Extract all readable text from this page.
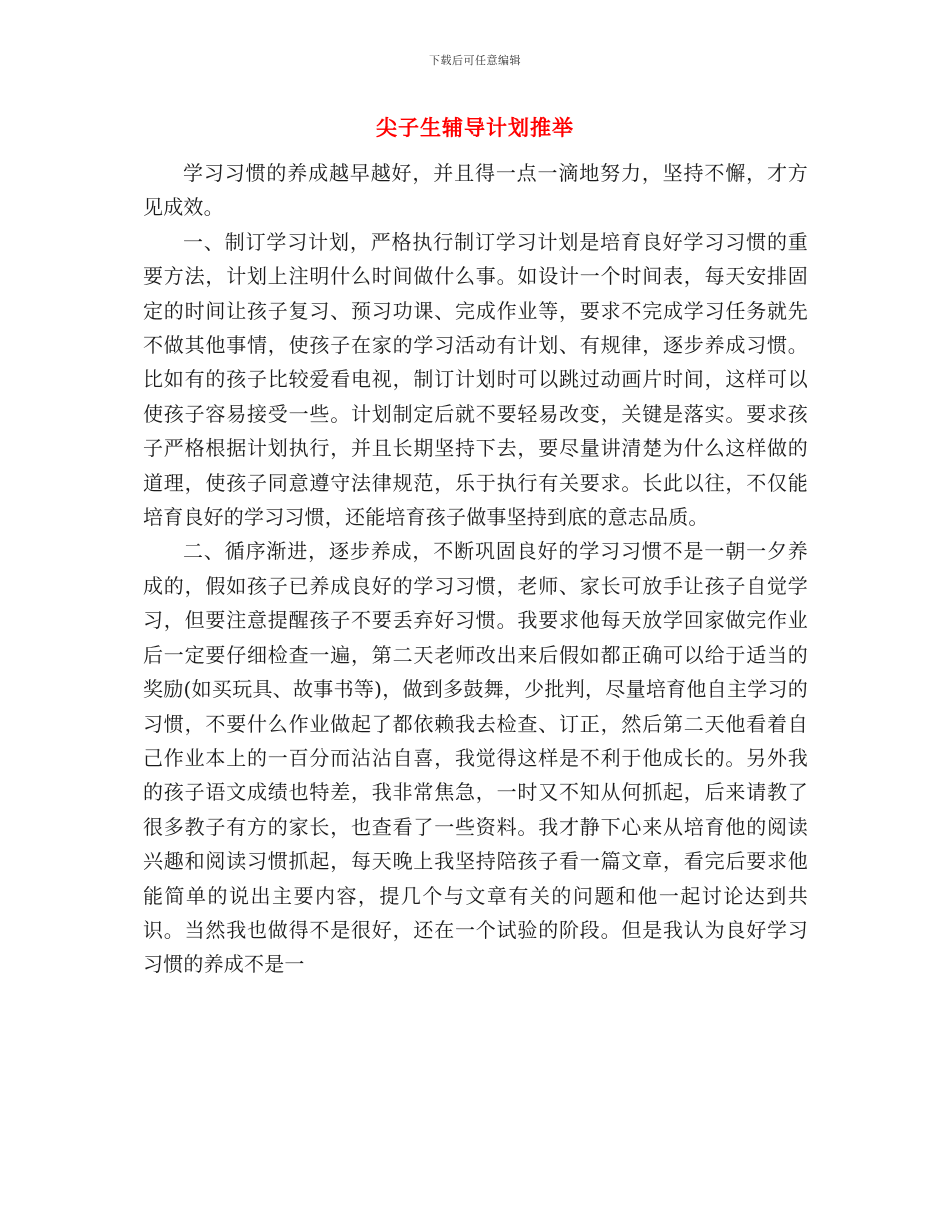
下载后可任意编辑
尖子生辅导计划推举

学习习惯的养成越早越好，并且得一点一滴地努力，坚持不懈，才方见成效。

一、制订学习计划，严格执行制订学习计划是培育良好学习习惯的重要方法，计划上注明什么时间做什么事。如设计一个时间表，每天安排固定的时间让孩子复习、预习功课、完成作业等，要求不完成学习任务就先不做其他事情，使孩子在家的学习活动有计划、有规律，逐步养成习惯。比如有的孩子比较爱看电视，制订计划时可以跳过动画片时间，这样可以使孩子容易接受一些。计划制定后就不要轻易改变，关键是落实。要求孩子严格根据计划执行，并且长期坚持下去，要尽量讲清楚为什么这样做的道理，使孩子同意遵守法律规范，乐于执行有关要求。长此以往，不仅能培育良好的学习习惯，还能培育孩子做事坚持到底的意志品质。

二、循序渐进，逐步养成，不断巩固良好的学习习惯不是一朝一夕养成的，假如孩子已养成良好的学习习惯，老师、家长可放手让孩子自觉学习，但要注意提醒孩子不要丢弃好习惯。我要求他每天放学回家做完作业后一定要仔细检查一遍，第二天老师改出来后假如都正确可以给于适当的奖励(如买玩具、故事书等)，做到多鼓舞，少批判，尽量培育他自主学习的习惯，不要什么作业做起了都依赖我去检查、订正，然后第二天他看着自己作业本上的一百分而沾沾自喜，我觉得这样是不利于他成长的。另外我的孩子语文成绩也特差，我非常焦急，一时又不知从何抓起，后来请教了很多教子有方的家长，也查看了一些资料。我才静下心来从培育他的阅读兴趣和阅读习惯抓起，每天晚上我坚持陪孩子看一篇文章，看完后要求他能简单的说出主要内容，提几个与文章有关的问题和他一起讨论达到共识。当然我也做得不是很好，还在一个试验的阶段。但是我认为良好学习习惯的养成不是一
